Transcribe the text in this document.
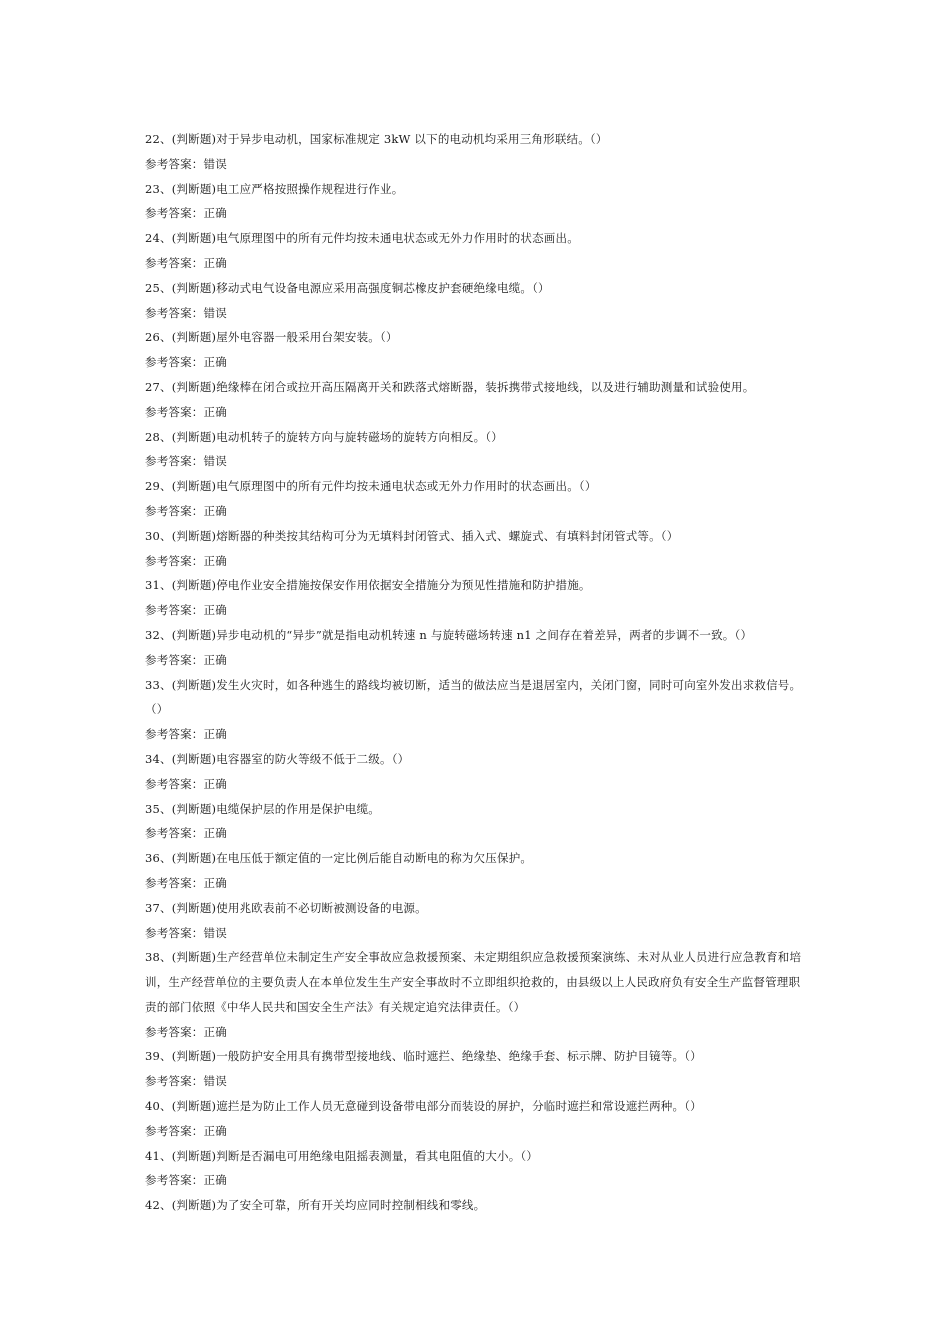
22、(判断题)对于异步电动机，国家标准规定 3kW 以下的电动机均采用三角形联结。（）
参考答案：错误
23、(判断题)电工应严格按照操作规程进行作业。
参考答案：正确
24、(判断题)电气原理图中的所有元件均按未通电状态或无外力作用时的状态画出。
参考答案：正确
25、(判断题)移动式电气设备电源应采用高强度铜芯橡皮护套硬绝缘电缆。（）
参考答案：错误
26、(判断题)屋外电容器一般采用台架安装。（）
参考答案：正确
27、(判断题)绝缘棒在闭合或拉开高压隔离开关和跌落式熔断器，装拆携带式接地线，以及进行辅助测量和试验使用。
参考答案：正确
28、(判断题)电动机转子的旋转方向与旋转磁场的旋转方向相反。（）
参考答案：错误
29、(判断题)电气原理图中的所有元件均按未通电状态或无外力作用时的状态画出。（）
参考答案：正确
30、(判断题)熔断器的种类按其结构可分为无填料封闭管式、插入式、螺旋式、有填料封闭管式等。（）
参考答案：正确
31、(判断题)停电作业安全措施按保安作用依据安全措施分为预见性措施和防护措施。
参考答案：正确
32、(判断题)异步电动机的“异步”就是指电动机转速 n 与旋转磁场转速 n1 之间存在着差异，两者的步调不一致。（）
参考答案：正确
33、(判断题)发生火灾时，如各种逃生的路线均被切断，适当的做法应当是退居室内，关闭门窗，同时可向室外发出求救信号。（）
参考答案：正确
34、(判断题)电容器室的防火等级不低于二级。（）
参考答案：正确
35、(判断题)电缆保护层的作用是保护电缆。
参考答案：正确
36、(判断题)在电压低于额定值的一定比例后能自动断电的称为欠压保护。
参考答案：正确
37、(判断题)使用兆欧表前不必切断被测设备的电源。
参考答案：错误
38、(判断题)生产经营单位未制定生产安全事故应急救援预案、未定期组织应急救援预案演练、未对从业人员进行应急教育和培训，生产经营单位的主要负责人在本单位发生生产安全事故时不立即组织抢救的，由县级以上人民政府负有安全生产监督管理职责的部门依照《中华人民共和国安全生产法》有关规定追究法律责任。（）
参考答案：正确
39、(判断题)一般防护安全用具有携带型接地线、临时遮拦、绝缘垫、绝缘手套、标示牌、防护目镜等。（）
参考答案：错误
40、(判断题)遮拦是为防止工作人员无意碰到设备带电部分而装设的屏护，分临时遮拦和常设遮拦两种。（）
参考答案：正确
41、(判断题)判断是否漏电可用绝缘电阻摇表测量，看其电阻值的大小。（）
参考答案：正确
42、(判断题)为了安全可靠，所有开关均应同时控制相线和零线。
